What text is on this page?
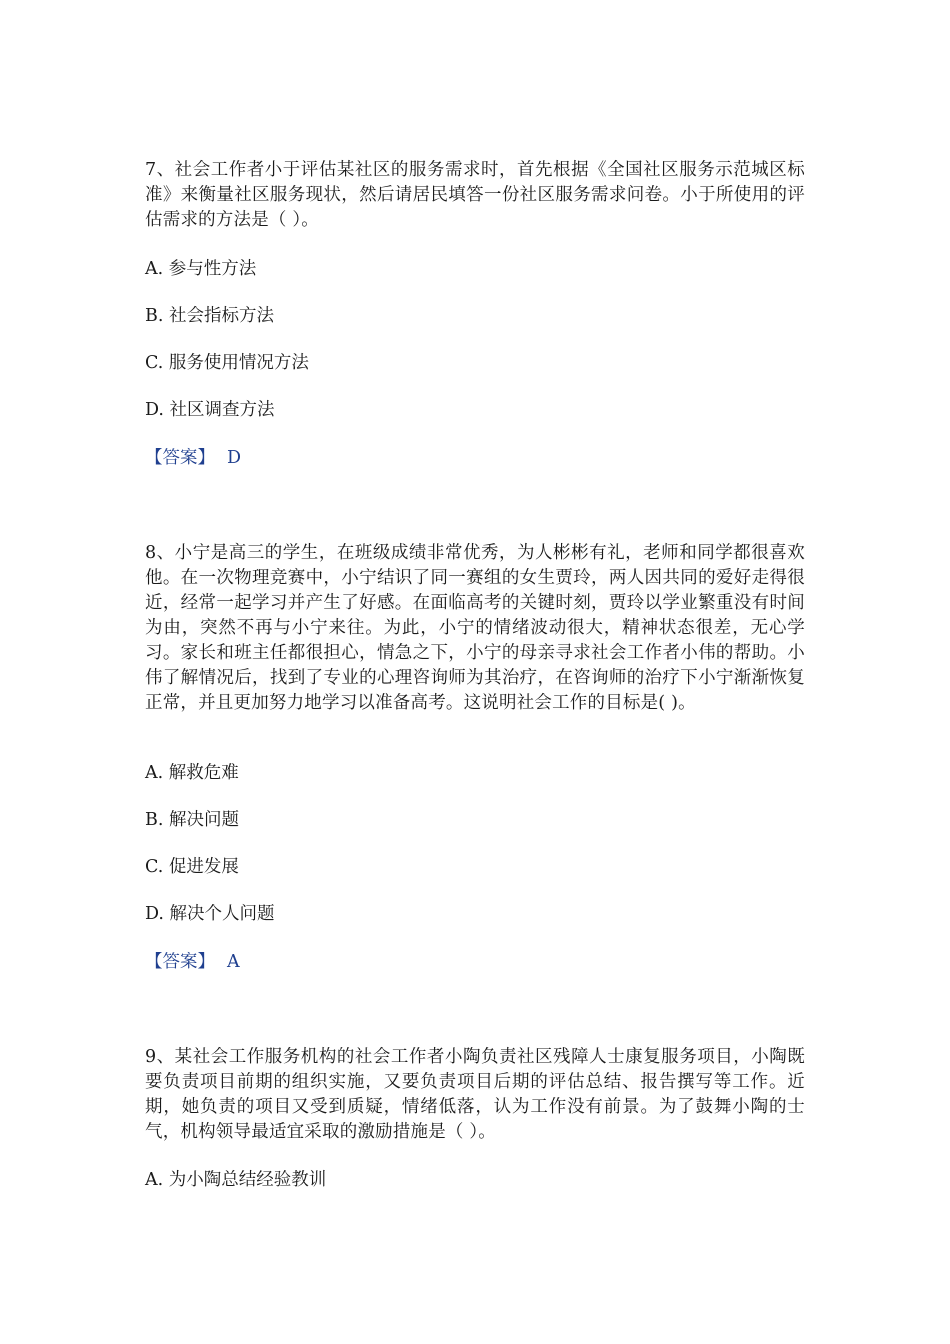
7、社会工作者小于评估某社区的服务需求时，首先根据《全国社区服务示范城区标准》来衡量社区服务现状，然后请居民填答一份社区服务需求问卷。小于所使用的评估需求的方法是（ ）。

A. 参与性方法

B. 社会指标方法

C. 服务使用情况方法

D. 社区调查方法

【答案】 D

8、小宁是高三的学生，在班级成绩非常优秀，为人彬彬有礼，老师和同学都很喜欢他。在一次物理竞赛中，小宁结识了同一赛组的女生贾玲，两人因共同的爱好走得很近，经常一起学习并产生了好感。在面临高考的关键时刻，贾玲以学业繁重没有时间为由，突然不再与小宁来往。为此，小宁的情绪波动很大，精神状态很差，无心学习。家长和班主任都很担心，情急之下，小宁的母亲寻求社会工作者小伟的帮助。小伟了解情况后，找到了专业的心理咨询师为其治疗，在咨询师的治疗下小宁渐渐恢复正常，并且更加努力地学习以准备高考。这说明社会工作的目标是( )。

A. 解救危难

B. 解决问题

C. 促进发展

D. 解决个人问题

【答案】 A

9、某社会工作服务机构的社会工作者小陶负责社区残障人士康复服务项目，小陶既要负责项目前期的组织实施，又要负责项目后期的评估总结、报告撰写等工作。近期，她负责的项目又受到质疑，情绪低落，认为工作没有前景。为了鼓舞小陶的士气，机构领导最适宜采取的激励措施是（ ）。

A. 为小陶总结经验教训
